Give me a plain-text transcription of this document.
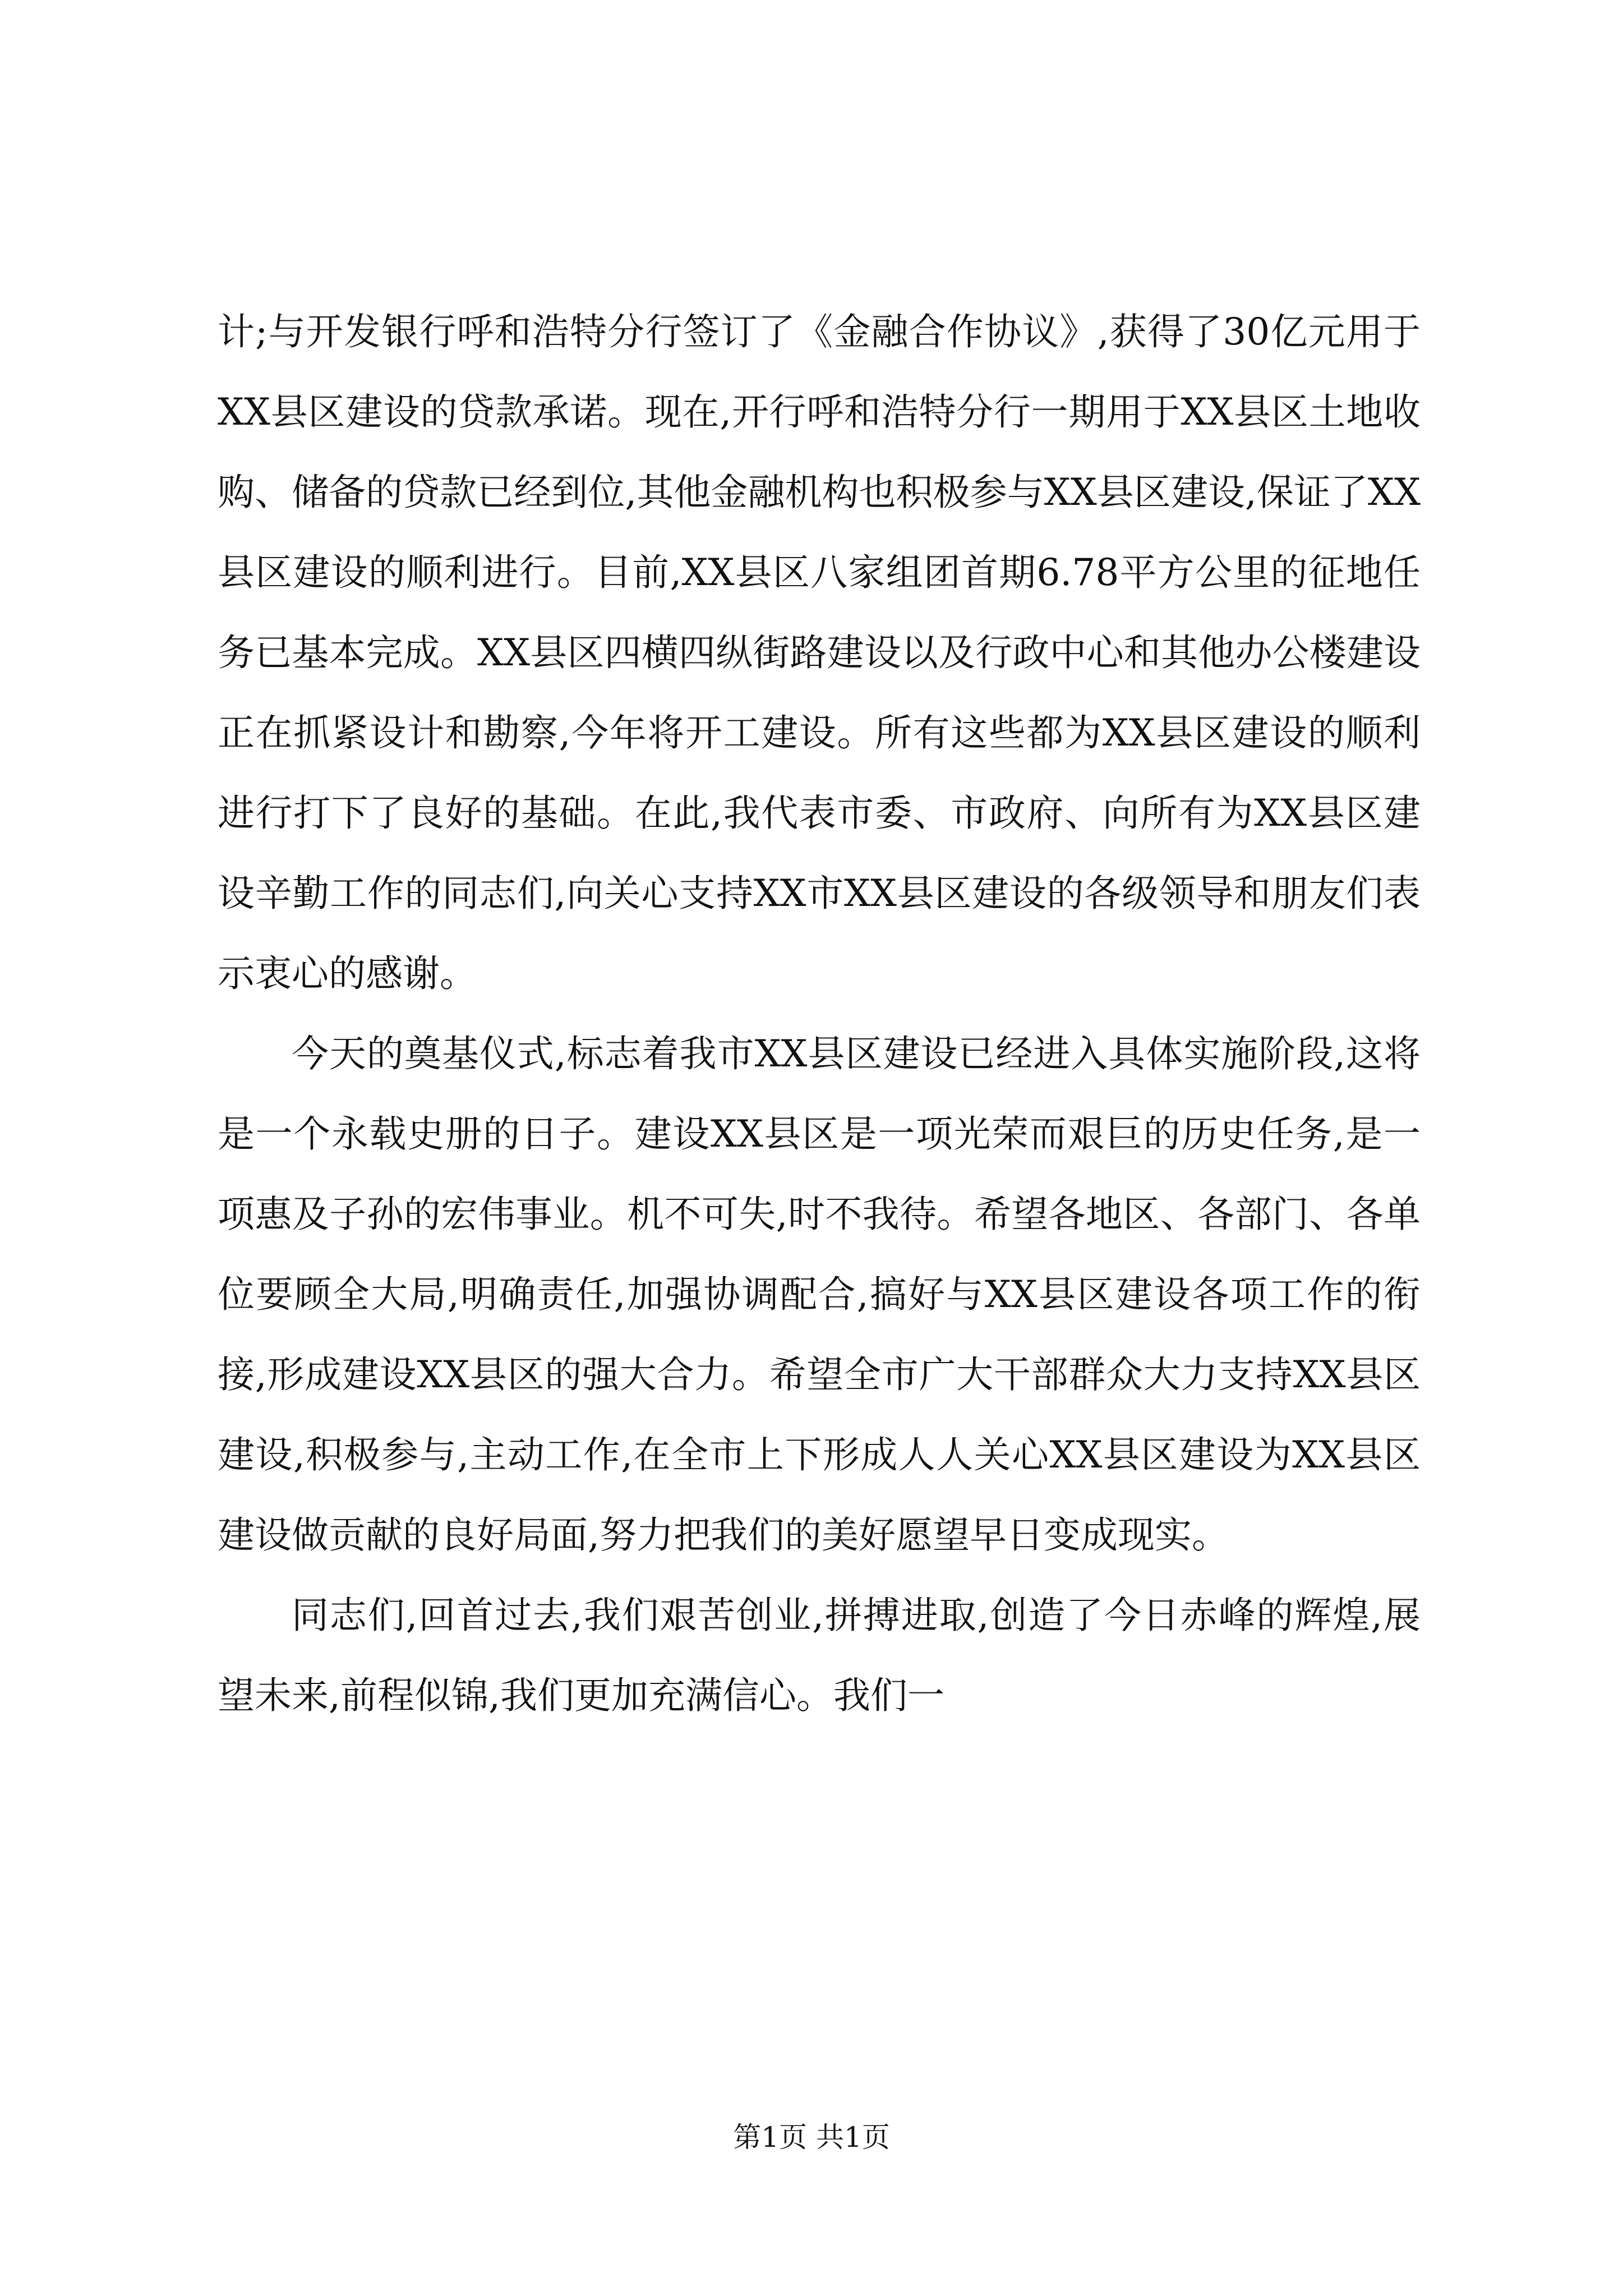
计;与开发银行呼和浩特分行签订了《金融合作协议》,获得了30亿元用于XX县区建设的贷款承诺。现在,开行呼和浩特分行一期用于XX县区土地收购、储备的贷款已经到位,其他金融机构也积极参与XX县区建设,保证了XX县区建设的顺利进行。目前,XX县区八家组团首期6.78平方公里的征地任务已基本完成。XX县区四横四纵街路建设以及行政中心和其他办公楼建设正在抓紧设计和勘察,今年将开工建设。所有这些都为XX县区建设的顺利进行打下了良好的基础。在此,我代表市委、市政府、向所有为XX县区建设辛勤工作的同志们,向关心支持XX市XX县区建设的各级领导和朋友们表示衷心的感谢。

今天的奠基仪式,标志着我市XX县区建设已经进入具体实施阶段,这将是一个永载史册的日子。建设XX县区是一项光荣而艰巨的历史任务,是一项惠及子孙的宏伟事业。机不可失,时不我待。希望各地区、各部门、各单位要顾全大局,明确责任,加强协调配合,搞好与XX县区建设各项工作的衔接,形成建设XX县区的强大合力。希望全市广大干部群众大力支持XX县区建设,积极参与,主动工作,在全市上下形成人人关心XX县区建设为XX县区建设做贡献的良好局面,努力把我们的美好愿望早日变成现实。

同志们,回首过去,我们艰苦创业,拼搏进取,创造了今日赤峰的辉煌,展望未来,前程似锦,我们更加充满信心。我们一

第1页 共1页
